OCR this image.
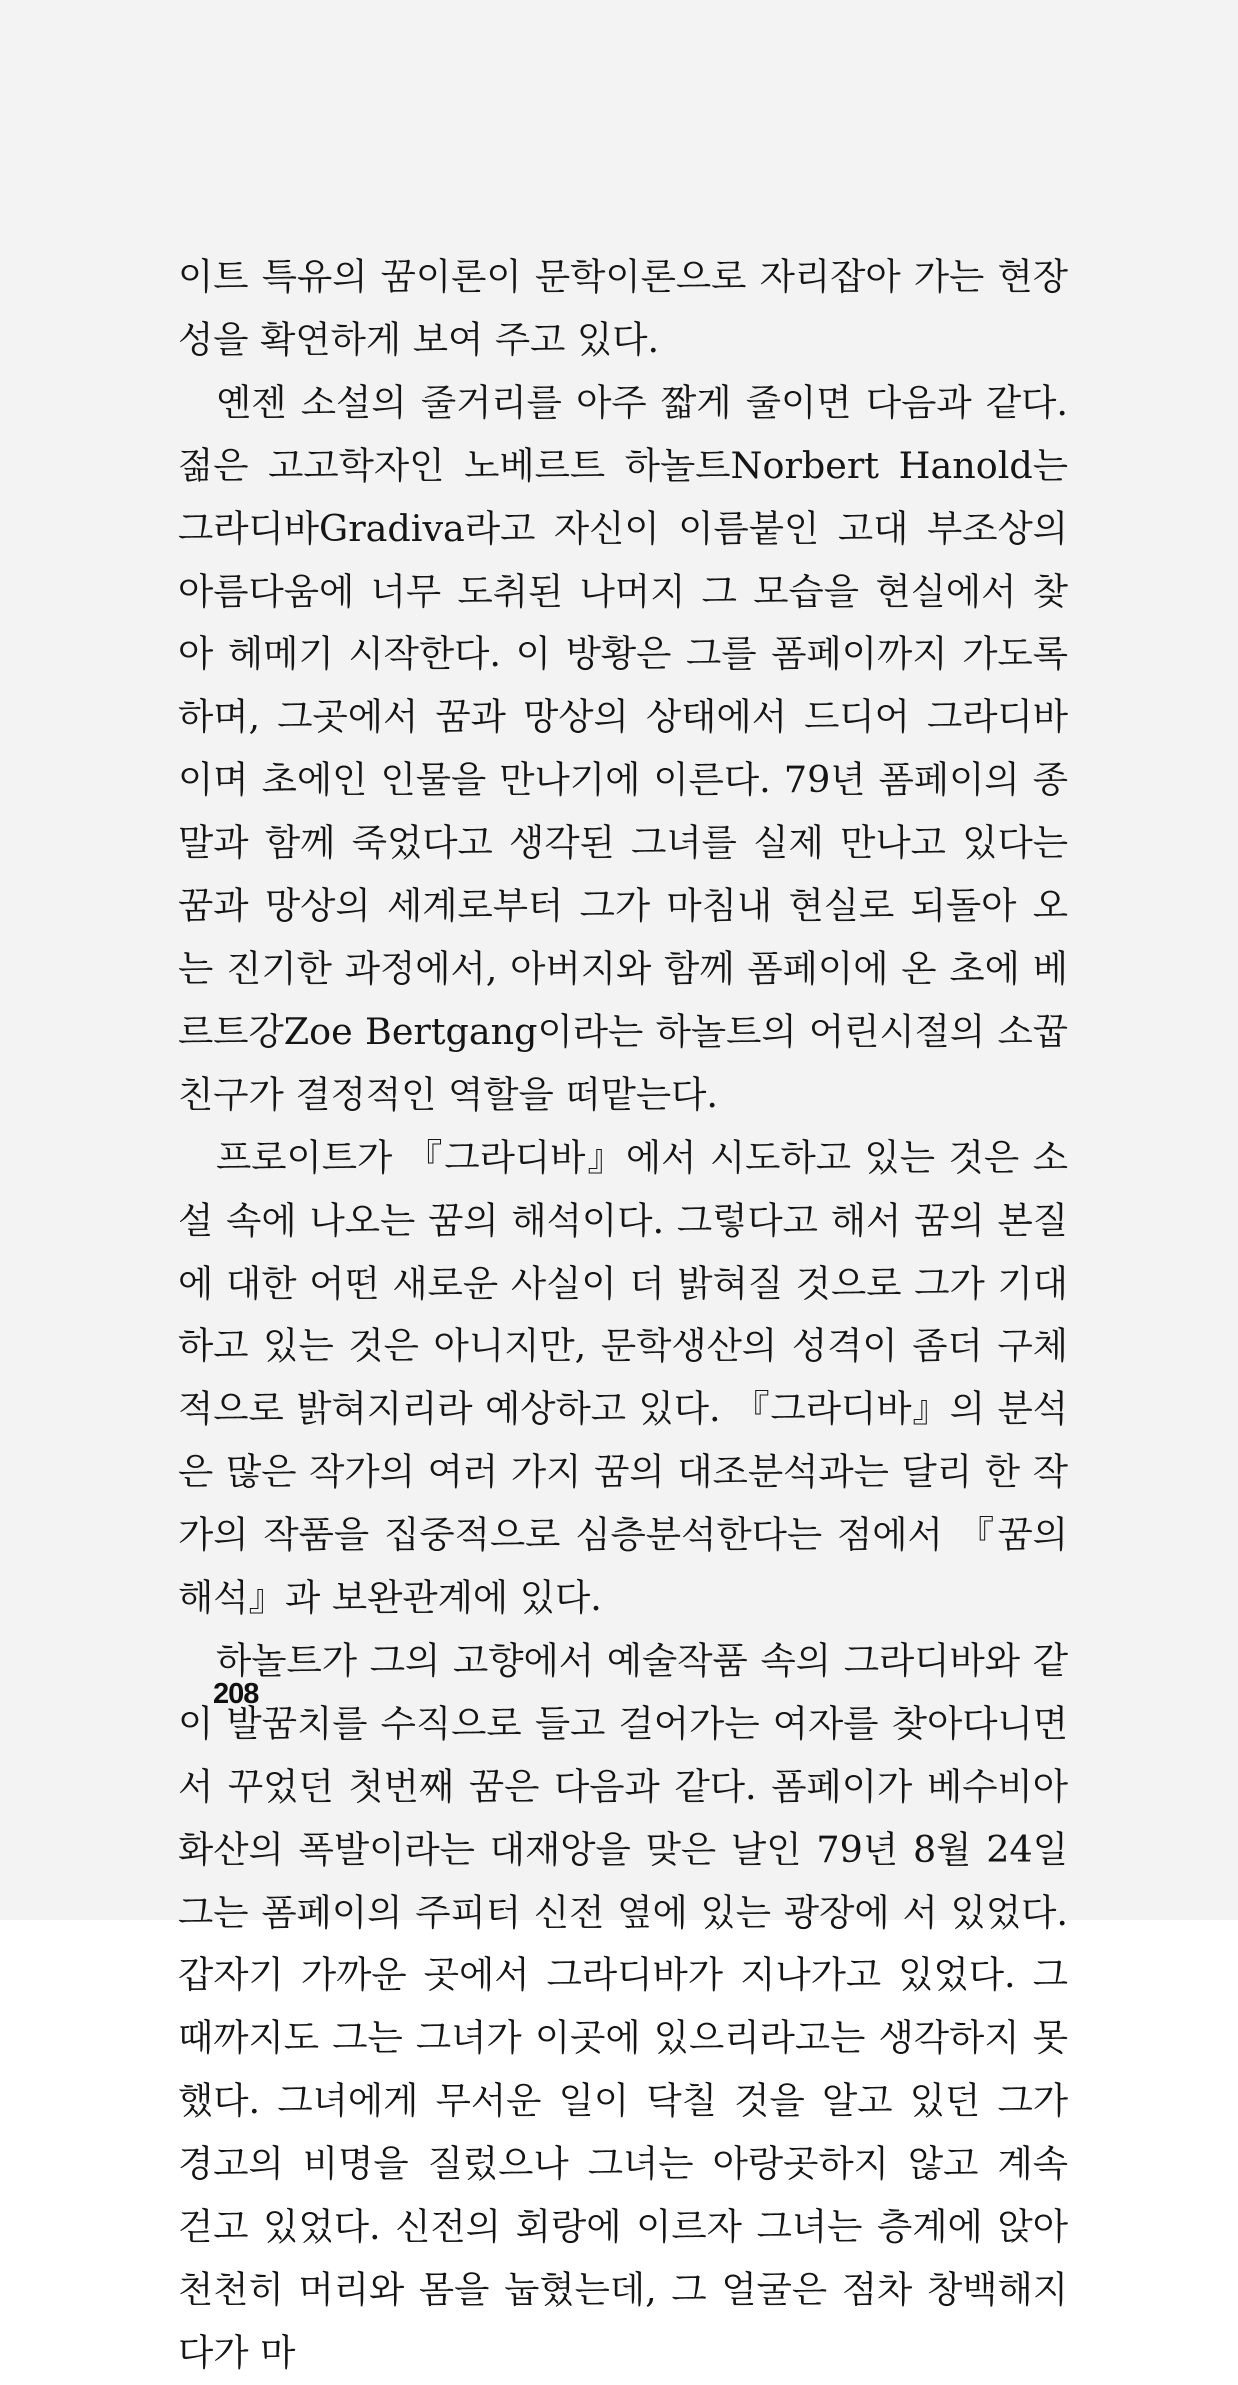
이트 특유의 꿈이론이 문학이론으로 자리잡아 가는 현장성을 확연하게 보여 주고 있다.

옌젠 소설의 줄거리를 아주 짧게 줄이면 다음과 같다. 젊은 고고학자인 노베르트 하놀트Norbert Hanold는 그라디바Gradiva라고 자신이 이름붙인 고대 부조상의 아름다움에 너무 도취된 나머지 그 모습을 현실에서 찾아 헤메기 시작한다. 이 방황은 그를 폼페이까지 가도록 하며, 그곳에서 꿈과 망상의 상태에서 드디어 그라디바이며 초에인 인물을 만나기에 이른다. 79년 폼페이의 종말과 함께 죽었다고 생각된 그녀를 실제 만나고 있다는 꿈과 망상의 세계로부터 그가 마침내 현실로 되돌아 오는 진기한 과정에서, 아버지와 함께 폼페이에 온 초에 베르트강Zoe Bertgang이라는 하놀트의 어린시절의 소꿉친구가 결정적인 역할을 떠맡는다.

프로이트가 『그라디바』에서 시도하고 있는 것은 소설 속에 나오는 꿈의 해석이다. 그렇다고 해서 꿈의 본질에 대한 어떤 새로운 사실이 더 밝혀질 것으로 그가 기대하고 있는 것은 아니지만, 문학생산의 성격이 좀더 구체적으로 밝혀지리라 예상하고 있다. 『그라디바』의 분석은 많은 작가의 여러 가지 꿈의 대조분석과는 달리 한 작가의 작품을 집중적으로 심층분석한다는 점에서 『꿈의 해석』과 보완관계에 있다.

하놀트가 그의 고향에서 예술작품 속의 그라디바와 같이 발꿈치를 수직으로 들고 걸어가는 여자를 찾아다니면서 꾸었던 첫번째 꿈은 다음과 같다. 폼페이가 베수비아 화산의 폭발이라는 대재앙을 맞은 날인 79년 8월 24일 그는 폼페이의 주피터 신전 옆에 있는 광장에 서 있었다. 갑자기 가까운 곳에서 그라디바가 지나가고 있었다. 그때까지도 그는 그녀가 이곳에 있으리라고는 생각하지 못했다. 그녀에게 무서운 일이 닥칠 것을 알고 있던 그가 경고의 비명을 질렀으나 그녀는 아랑곳하지 않고 계속 걷고 있었다. 신전의 회랑에 이르자 그녀는 층계에 앉아 천천히 머리와 몸을 눕혔는데, 그 얼굴은 점차 창백해지다가 마

208
